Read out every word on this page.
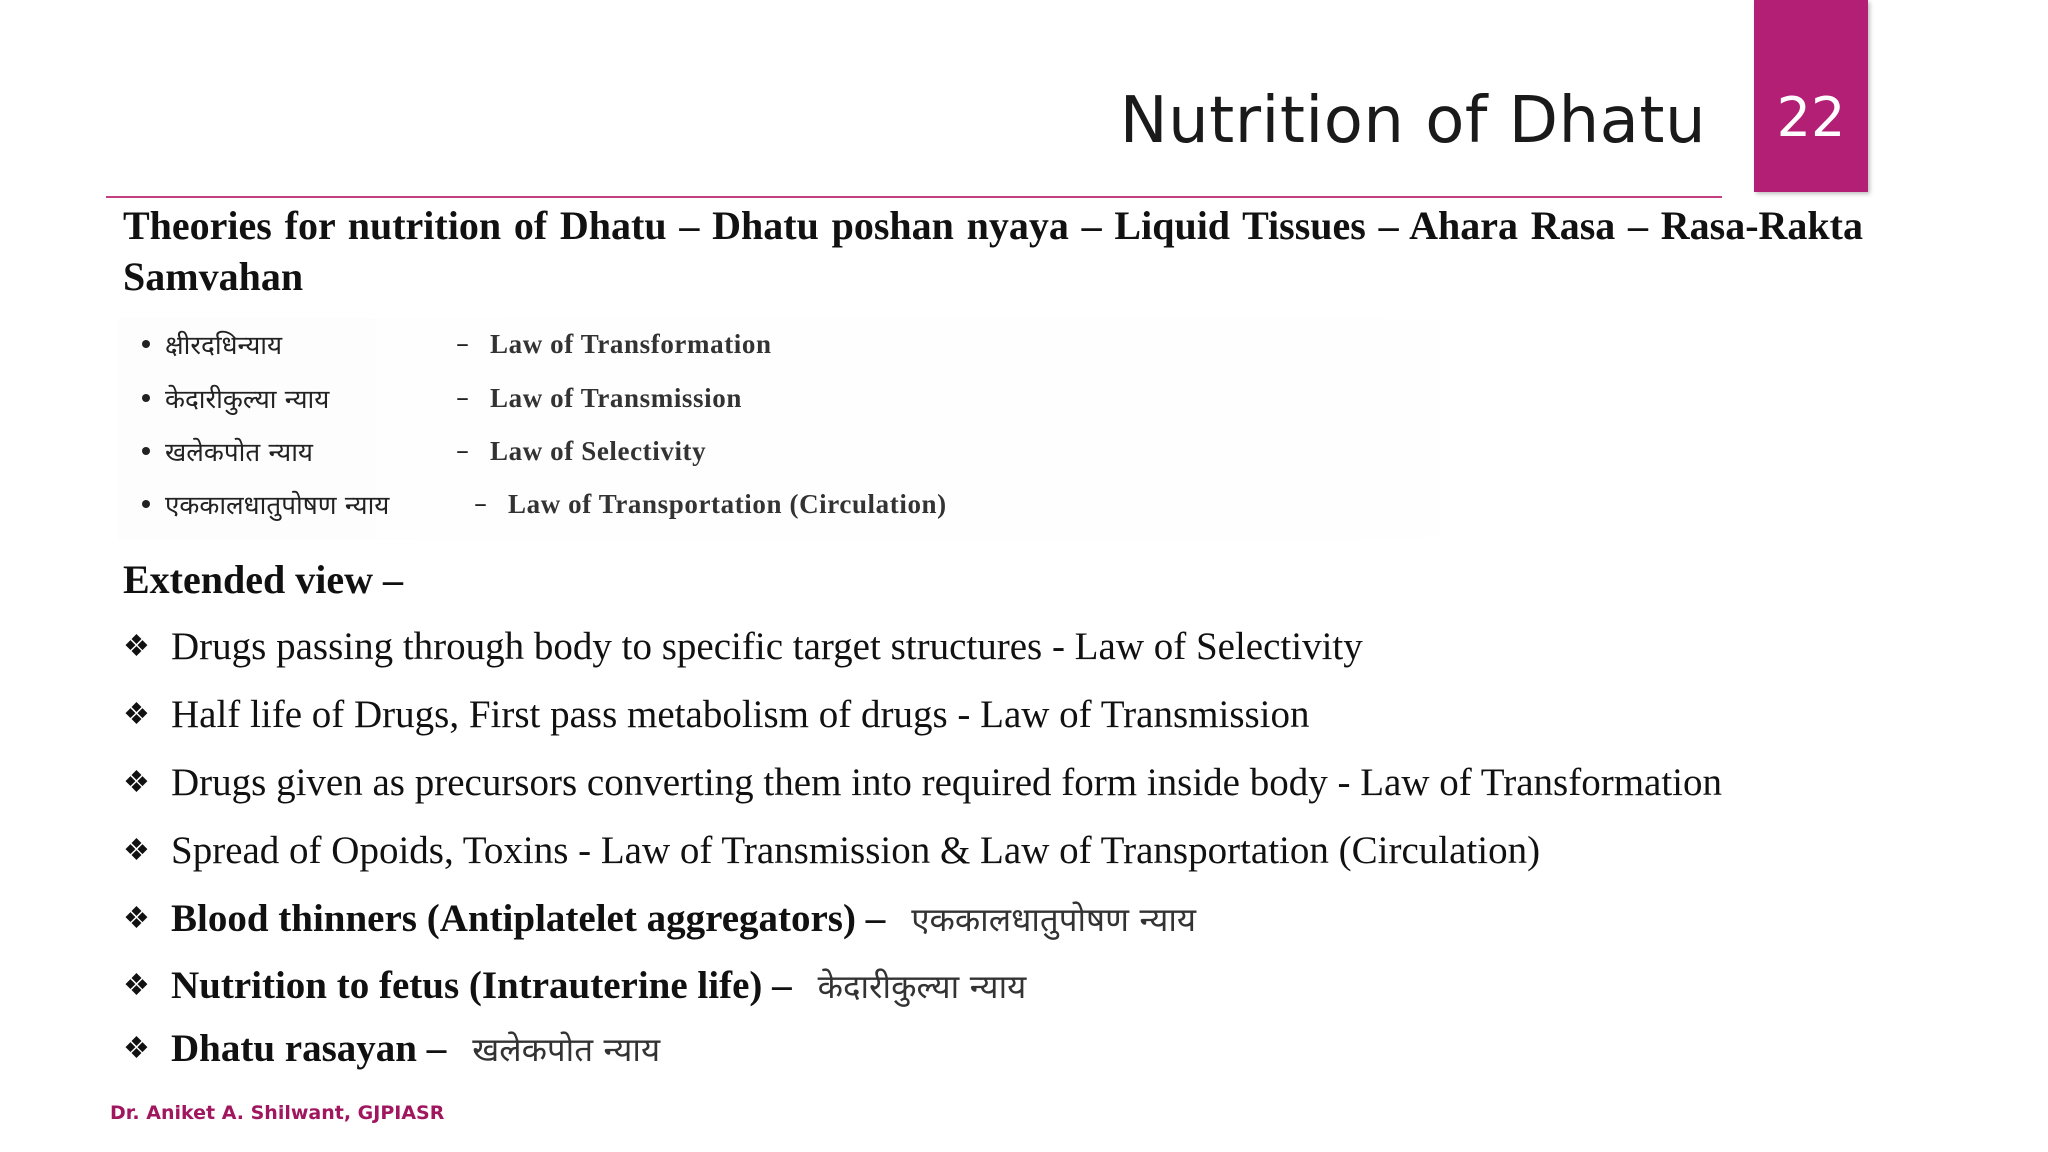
Nutrition of Dhatu	22
Theories for nutrition of Dhatu – Dhatu poshan nyaya – Liquid Tissues – Ahara Rasa – Rasa-Rakta Samvahan
क्षीरदधिन्याय	– Law of Transformation
केदारीकुल्या न्याय	– Law of Transmission
खलेकपोत न्याय	– Law of Selectivity
एककालधातुपोषण न्याय	– Law of Transportation (Circulation)
Extended view –
❖ Drugs passing through body to specific target structures - Law of Selectivity
❖ Half life of Drugs, First pass metabolism of drugs - Law of Transmission
❖ Drugs given as precursors converting them into required form inside body - Law of Transformation
❖ Spread of Opoids, Toxins - Law of Transmission & Law of Transportation (Circulation)
❖ Blood thinners (Antiplatelet aggregators) – एककालधातुपोषण न्याय
❖ Nutrition to fetus (Intrauterine life) – केदारीकुल्या न्याय
❖ Dhatu rasayan – खलेकपोत न्याय
Dr. Aniket A. Shilwant, GJPIASR
